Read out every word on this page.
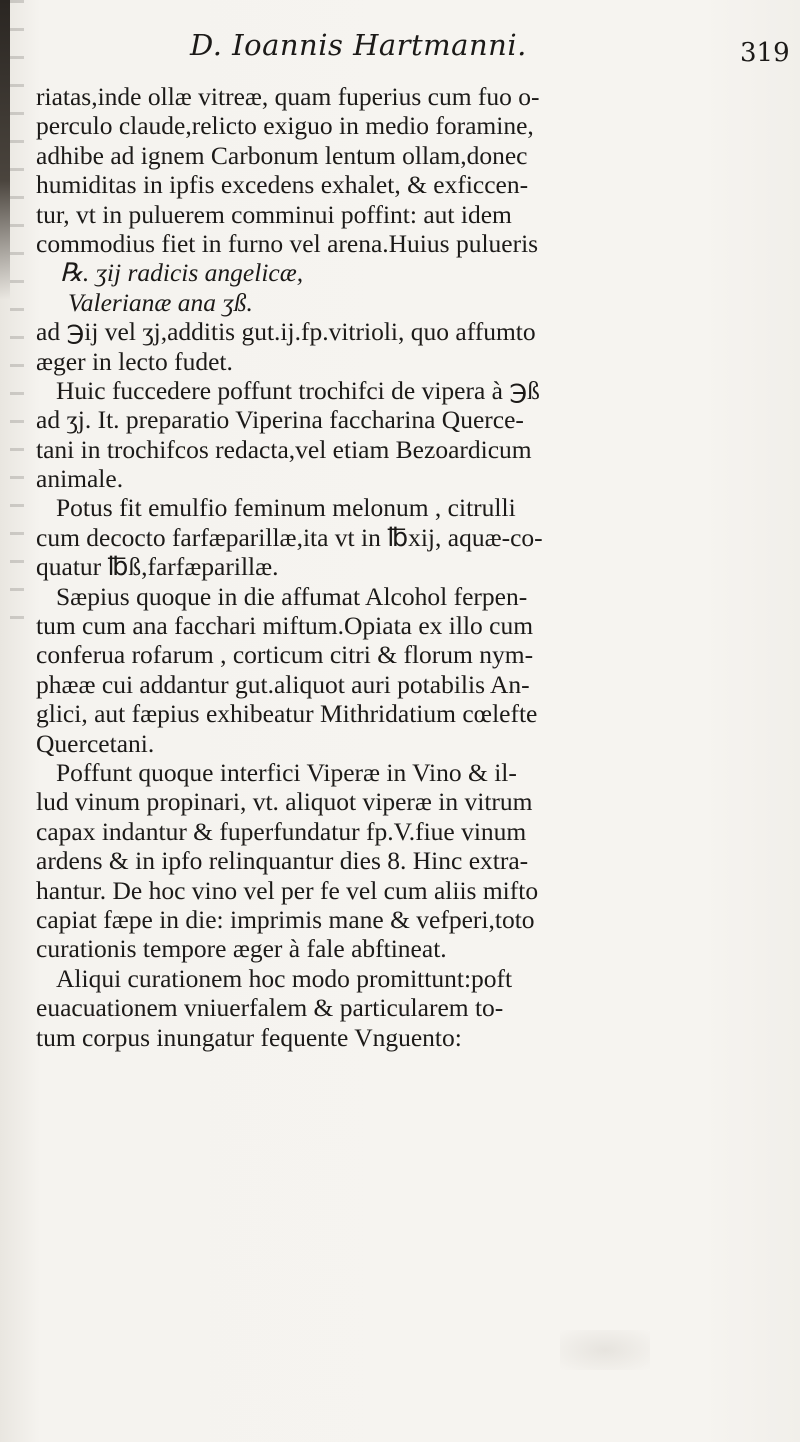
D. Ioannis Hartmanni.	319
riatas,inde ollæ vitreæ, quam fuperius cum fuo o-
perculo claude,relicto exiguo in medio foramine,
adhibe ad ignem Carbonum lentum ollam,donec
humiditas in ipfis excedens exhalet, & exficcen-
tur, vt in puluerem comminui poffint: aut idem
commodius fiet in furno vel arena.Huius pulueris
℞. ʒij radicis angelicæ,
Valerianæ ana ʒß.
ad ℈ij vel ʒj,additis gut.ij.fp.vitrioli, quo affumto
æger in lecto fudet.
Huic fuccedere poffunt trochifci de vipera à ℈ß
ad ʒj. It. preparatio Viperina faccharina Querce-
tani in trochifcos redacta,vel etiam Bezoardicum
animale.
Potus fit emulfio feminum melonum , citrulli
cum decocto farfæparillæ,ita vt in ℔xij, aquæ-co-
quatur ℔ß,farfæparillæ.
Sæpius quoque in die affumat Alcohol ferpen-
tum cum ana facchari miftum.Opiata ex illo cum
conferua rofarum , corticum citri & florum nym-
phææ cui addantur gut.aliquot auri potabilis An-
glici, aut fæpius exhibeatur Mithridatium cœlefte
Quercetani.
Poffunt quoque interfici Viperæ in Vino & il-
lud vinum propinari, vt. aliquot viperæ in vitrum
capax indantur & fuperfundatur fp.V.fiue vinum
ardens & in ipfo relinquantur dies 8. Hinc extra-
hantur. De hoc vino vel per fe vel cum aliis mifto
capiat fæpe in die: imprimis mane & vefperi,toto
curationis tempore æger à fale abftineat.
Aliqui curationem hoc modo promittunt:poft
euacuationem vniuerfalem & particularem to-
tum corpus inungatur fequente Vnguento:
